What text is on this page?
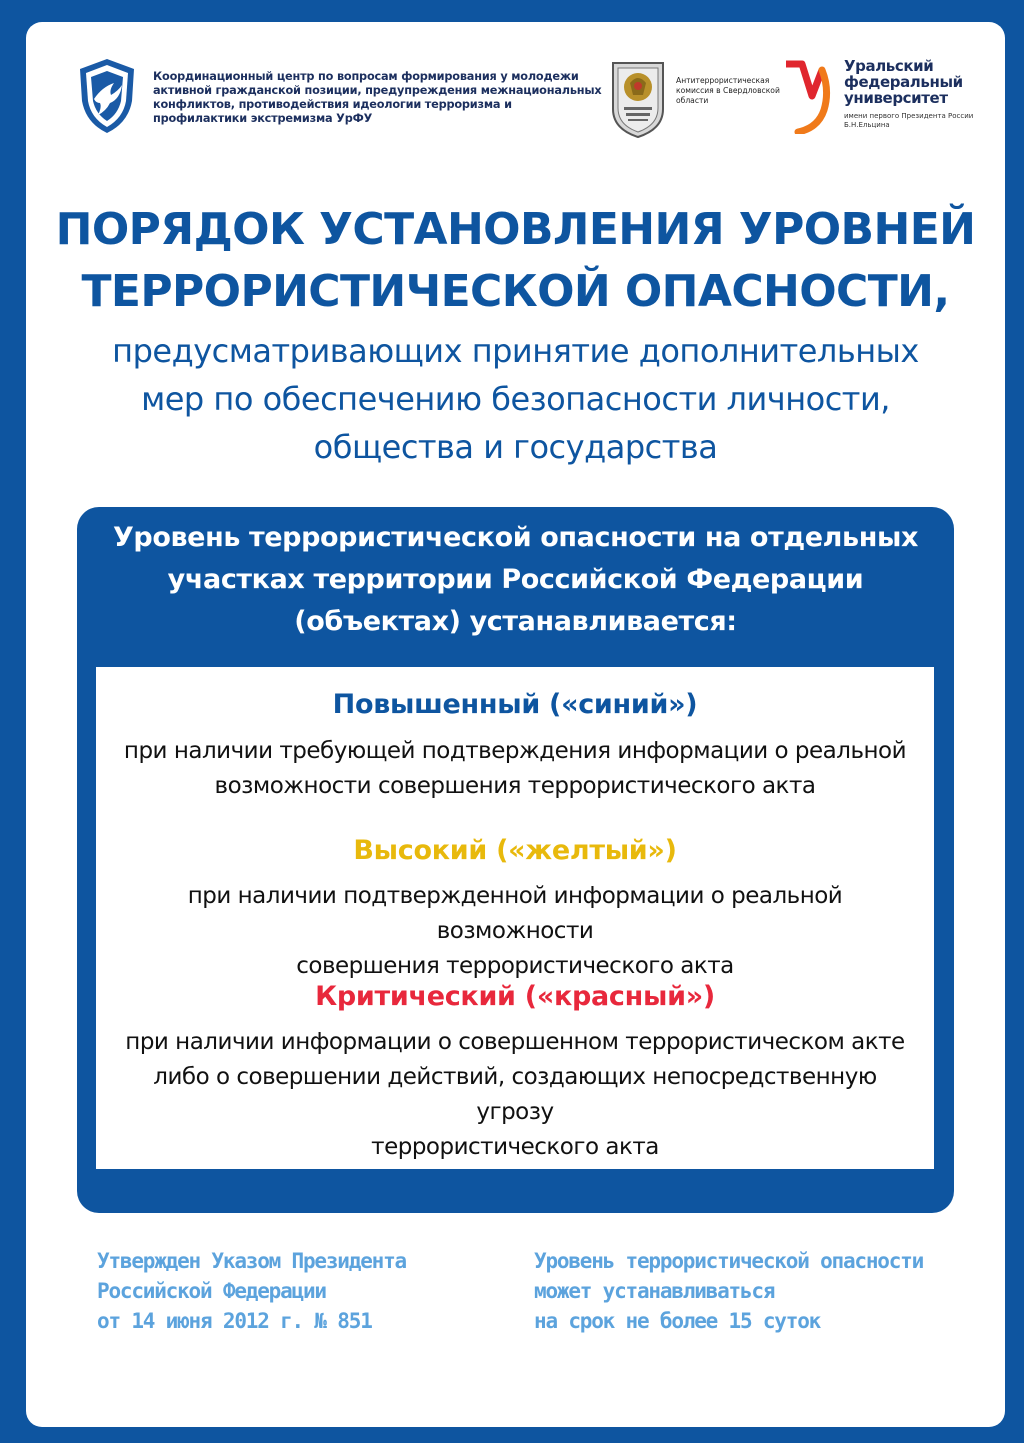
Координационный центр по вопросам формирования у молодежи активной гражданской позиции, предупреждения межнациональных конфликтов, противодействия идеологии терроризма и профилактики экстремизма УрФУ
Антитеррористическая комиссия в Свердловской области
Уральский
федеральный
университет
имени первого Президента России Б.Н.Ельцина
ПОРЯДОК УСТАНОВЛЕНИЯ УРОВНЕЙ
ТЕРРОРИСТИЧЕСКОЙ ОПАСНОСТИ,
предусматривающих принятие дополнительных
мер по обеспечению безопасности личности,
общества и государства
Уровень террористической опасности на отдельных
участках территории Российской Федерации
(объектах) устанавливается:
Повышенный («синий»)
при наличии требующей подтверждения информации о реальной
возможности совершения террористического акта
Высокий («желтый»)
при наличии подтвержденной информации о реальной возможности
совершения террористического акта
Критический («красный»)
при наличии информации о совершенном террористическом акте
либо о совершении действий, создающих непосредственную угрозу
террористического акта
Утвержден Указом Президента
Российской Федерации
от 14 июня 2012 г. № 851
Уровень террористической опасности
может устанавливаться
на срок не более 15 суток
